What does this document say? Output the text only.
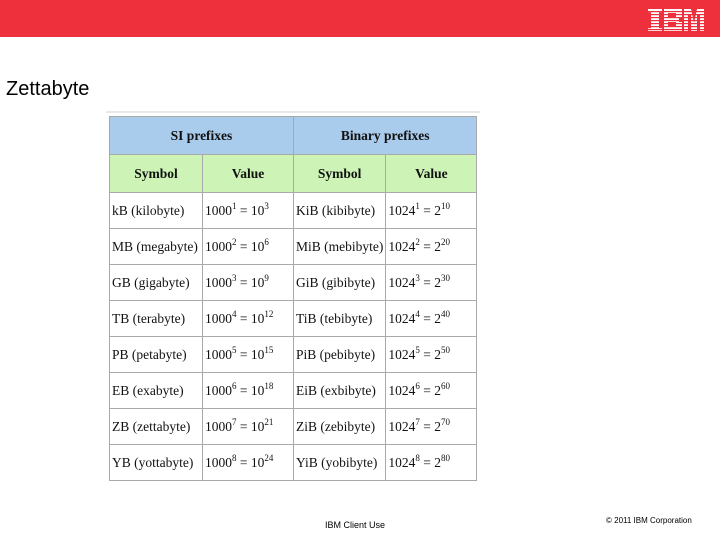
Zettabyte
SI prefixes		Binary prefixes	
Symbol	Value	Symbol	Value
kB (kilobyte)	$1000^1 = 10^3$	KiB (kibibyte)	$1024^1 = 2^{10}$
MB (megabyte)	$1000^2 = 10^6$	MiB (mebibyte)	$1024^2 = 2^{20}$
GB (gigabyte)	$1000^3 = 10^9$	GiB (gibibyte)	$1024^3 = 2^{30}$
TB (terabyte)	$1000^4 = 10^{12}$	TiB (tebibyte)	$1024^4 = 2^{40}$
PB (petabyte)	$1000^5 = 10^{15}$	PiB (pebibyte)	$1024^5 = 2^{50}$
EB (exabyte)	$1000^6 = 10^{18}$	EiB (exbibyte)	$1024^6 = 2^{60}$
ZB (zettabyte)	$1000^7 = 10^{21}$	ZiB (zebibyte)	$1024^7 = 2^{70}$
YB (yottabyte)	$1000^8 = 10^{24}$	YiB (yobibyte)	$1024^8 = 2^{80}$
IBM Client Use	© 2011 IBM Corporation
